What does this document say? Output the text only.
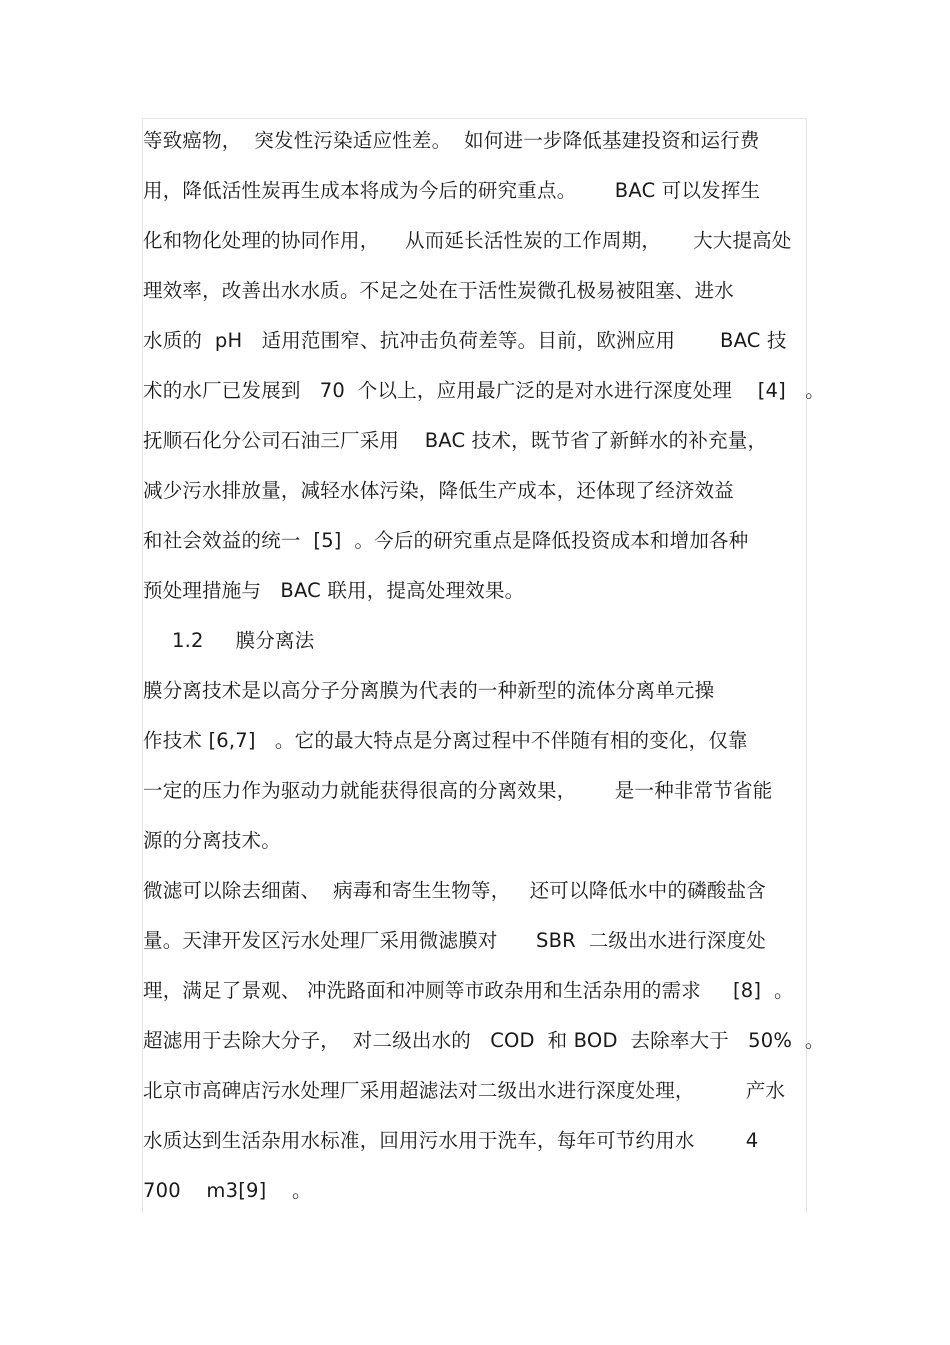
等致癌物，  突发性污染适应性差。  如何进一步降低基建投资和运行费
用，降低活性炭再生成本将成为今后的研究重点。      BAC 可以发挥生
化和物化处理的协同作用，    从而延长活性炭的工作周期，     大大提高处
理效率，改善出水水质。不足之处在于活性炭微孔极易被阻塞、进水
水质的  pH   适用范围窄、抗冲击负荷差等。目前，欧洲应用       BAC 技
术的水厂已发展到   70  个以上，应用最广泛的是对水进行深度处理    [4]   。
抚顺石化分公司石油三厂采用    BAC 技术，既节省了新鲜水的补充量，
减少污水排放量，减轻水体污染，降低生产成本，还体现了经济效益
和社会效益的统一  [5]  。今后的研究重点是降低投资成本和增加各种
预处理措施与   BAC 联用，提高处理效果。
1.2     膜分离法
膜分离技术是以高分子分离膜为代表的一种新型的流体分离单元操
作技术 [6,7]   。它的最大特点是分离过程中不伴随有相的变化，仅靠
一定的压力作为驱动力就能获得很高的分离效果，      是一种非常节省能
源的分离技术。
微滤可以除去细菌、  病毒和寄生生物等，   还可以降低水中的磷酸盐含
量。天津开发区污水处理厂采用微滤膜对      SBR  二级出水进行深度处
理，满足了景观、 冲洗路面和冲厕等市政杂用和生活杂用的需求     [8]  。
超滤用于去除大分子，  对二级出水的   COD  和 BOD  去除率大于   50%  。
北京市高碑店污水处理厂采用超滤法对二级出水进行深度处理，        产水
水质达到生活杂用水标准，回用污水用于洗车，每年可节约用水        4
700    m3[9]    。
